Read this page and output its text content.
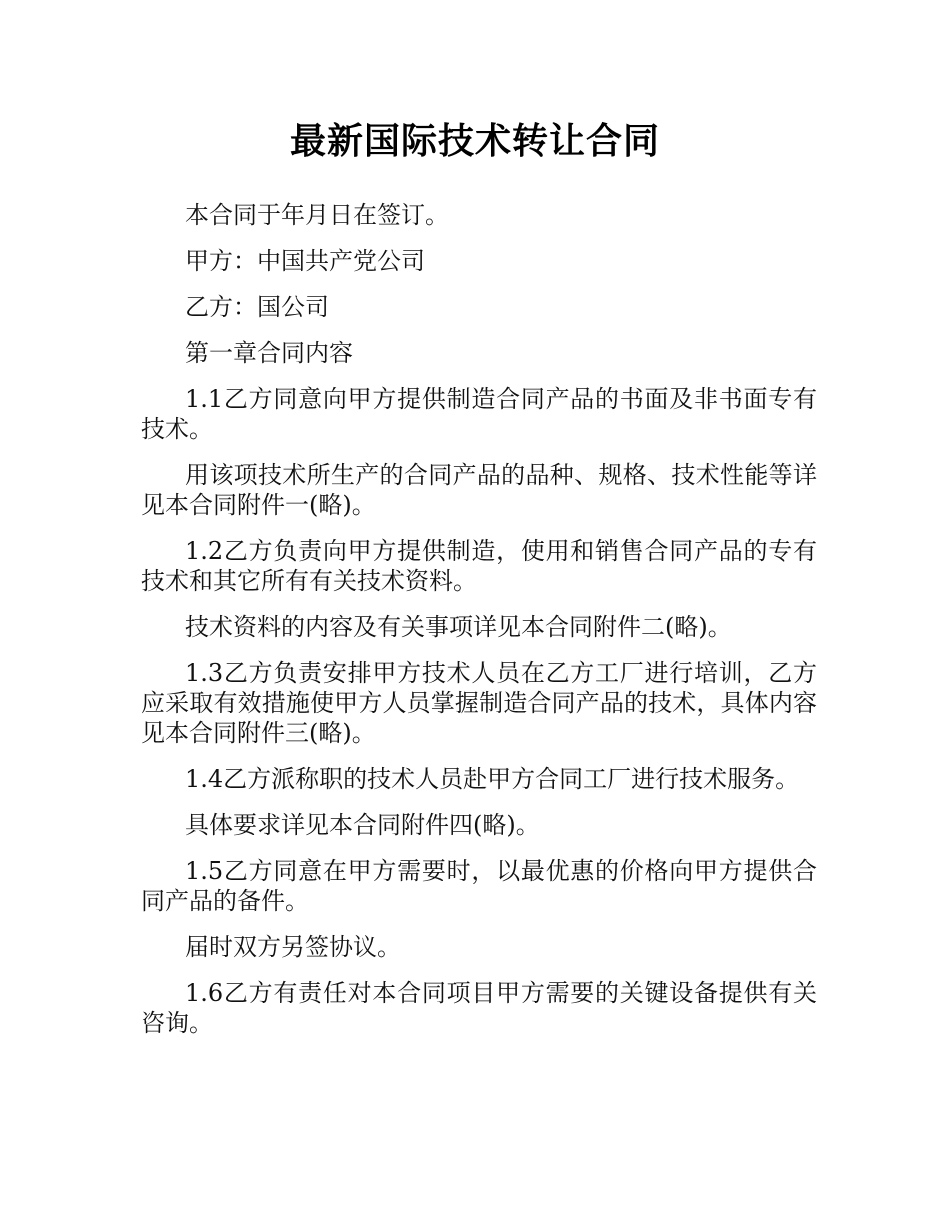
最新国际技术转让合同

本合同于年月日在签订。

甲方：中国共产党公司

乙方：国公司

第一章合同内容

1.1乙方同意向甲方提供制造合同产品的书面及非书面专有技术。

用该项技术所生产的合同产品的品种、规格、技术性能等详见本合同附件一(略)。

1.2乙方负责向甲方提供制造，使用和销售合同产品的专有技术和其它所有有关技术资料。

技术资料的内容及有关事项详见本合同附件二(略)。

1.3乙方负责安排甲方技术人员在乙方工厂进行培训，乙方应采取有效措施使甲方人员掌握制造合同产品的技术，具体内容见本合同附件三(略)。

1.4乙方派称职的技术人员赴甲方合同工厂进行技术服务。

具体要求详见本合同附件四(略)。

1.5乙方同意在甲方需要时，以最优惠的价格向甲方提供合同产品的备件。

届时双方另签协议。

1.6乙方有责任对本合同项目甲方需要的关键设备提供有关咨询。
